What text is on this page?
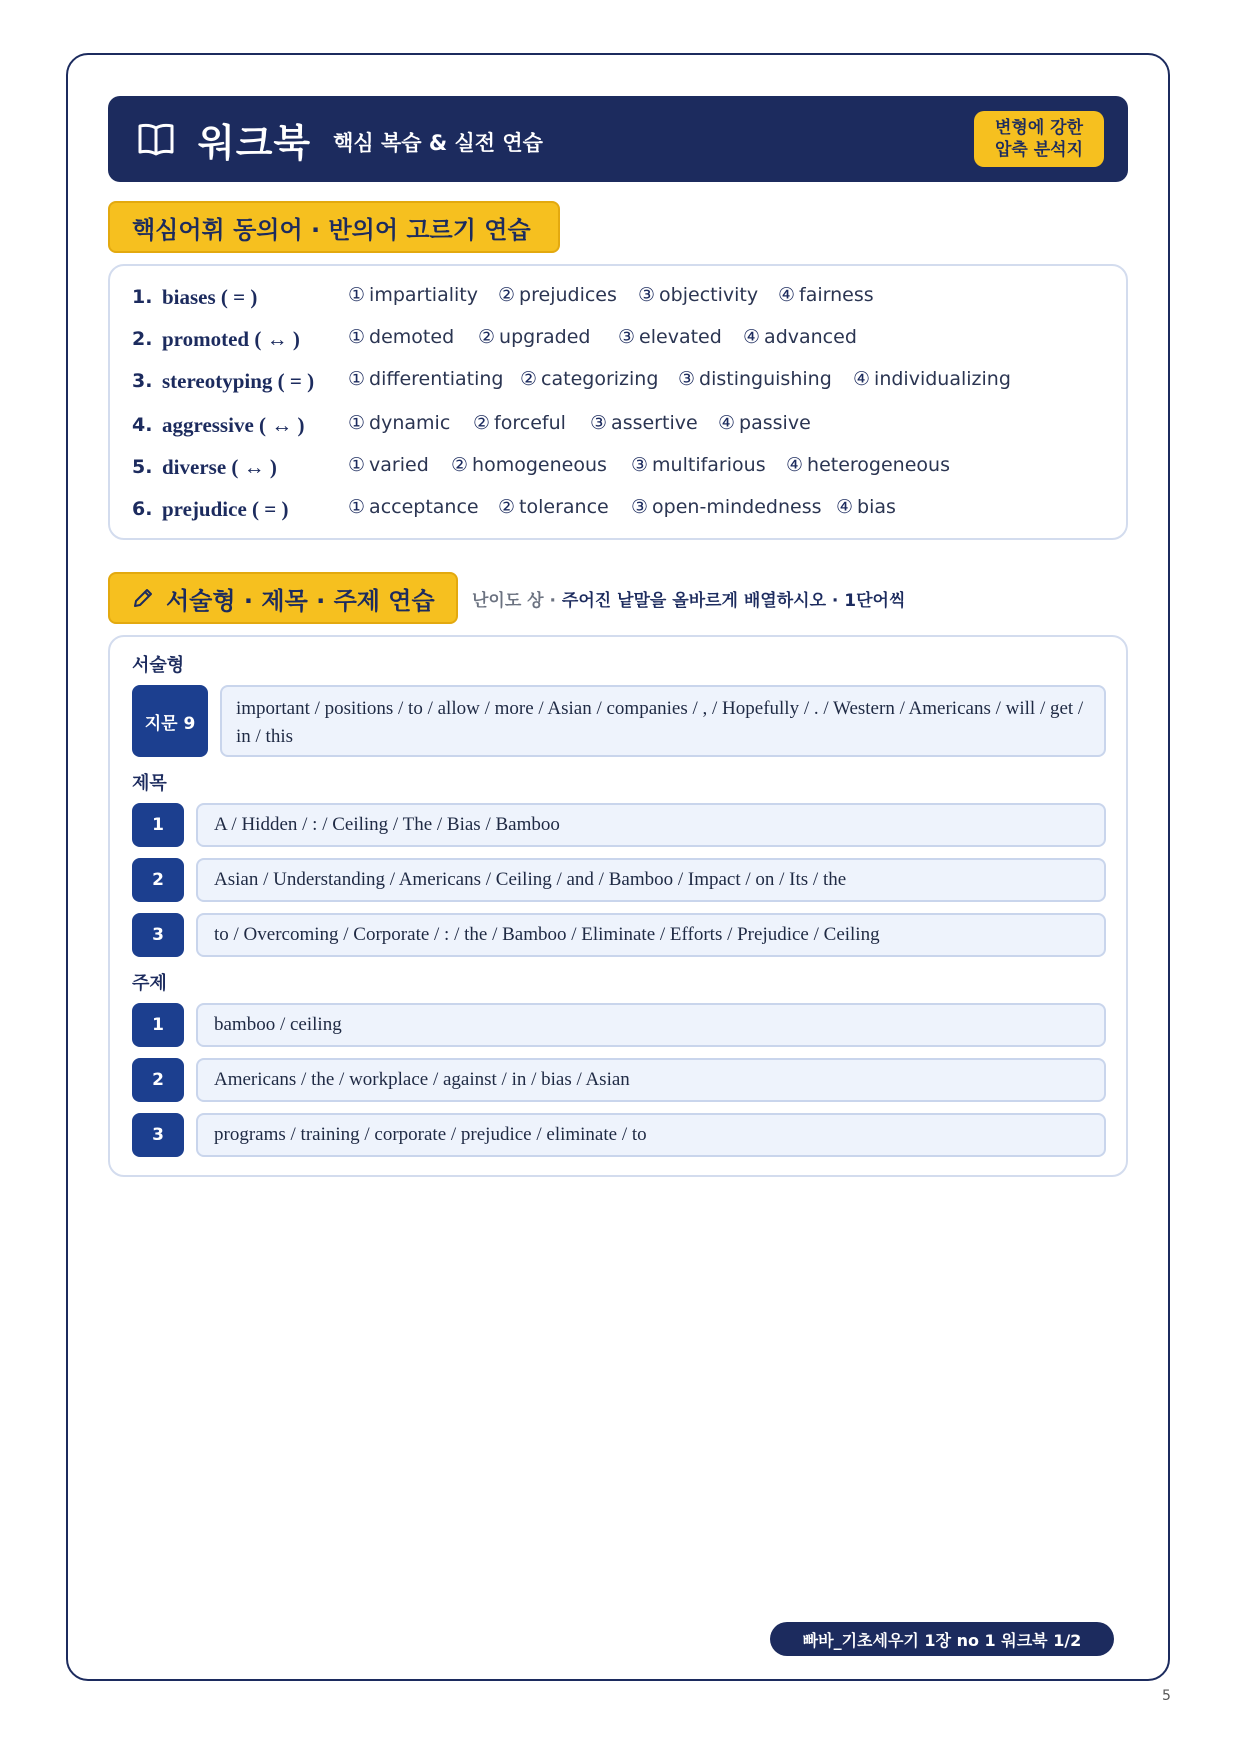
워크북 핵심 복습 & 실전 연습
변형에 강한
압축 분석지
핵심어휘 동의어 · 반의어 고르기 연습
1. biases ( = )	① impartiality ② prejudices ③ objectivity ④ fairness
2. promoted ( ↔ )	① demoted ② upgraded ③ elevated ④ advanced
3. stereotyping ( = )	① differentiating ② categorizing ③ distinguishing ④ individualizing
4. aggressive ( ↔ )	① dynamic ② forceful ③ assertive ④ passive
5. diverse ( ↔ )	① varied ② homogeneous ③ multifarious ④ heterogeneous
6. prejudice ( = )	① acceptance ② tolerance ③ open-mindedness ④ bias
서술형 · 제목 · 주제 연습 난이도 상 · 주어진 낱말을 올바르게 배열하시오 · 1단어씩
서술형
지문 9
important / positions / to / allow / more / Asian / companies / , / Hopefully / . / Western / Americans / will / get / in / this
제목
1	A / Hidden / : / Ceiling / The / Bias / Bamboo
2	Asian / Understanding / Americans / Ceiling / and / Bamboo / Impact / on / Its / the
3	to / Overcoming / Corporate / : / the / Bamboo / Eliminate / Efforts / Prejudice / Ceiling
주제
1	bamboo / ceiling
2	Americans / the / workplace / against / in / bias / Asian
3	programs / training / corporate / prejudice / eliminate / to
빠바_기초세우기 1장 no 1 워크북 1/2
5
